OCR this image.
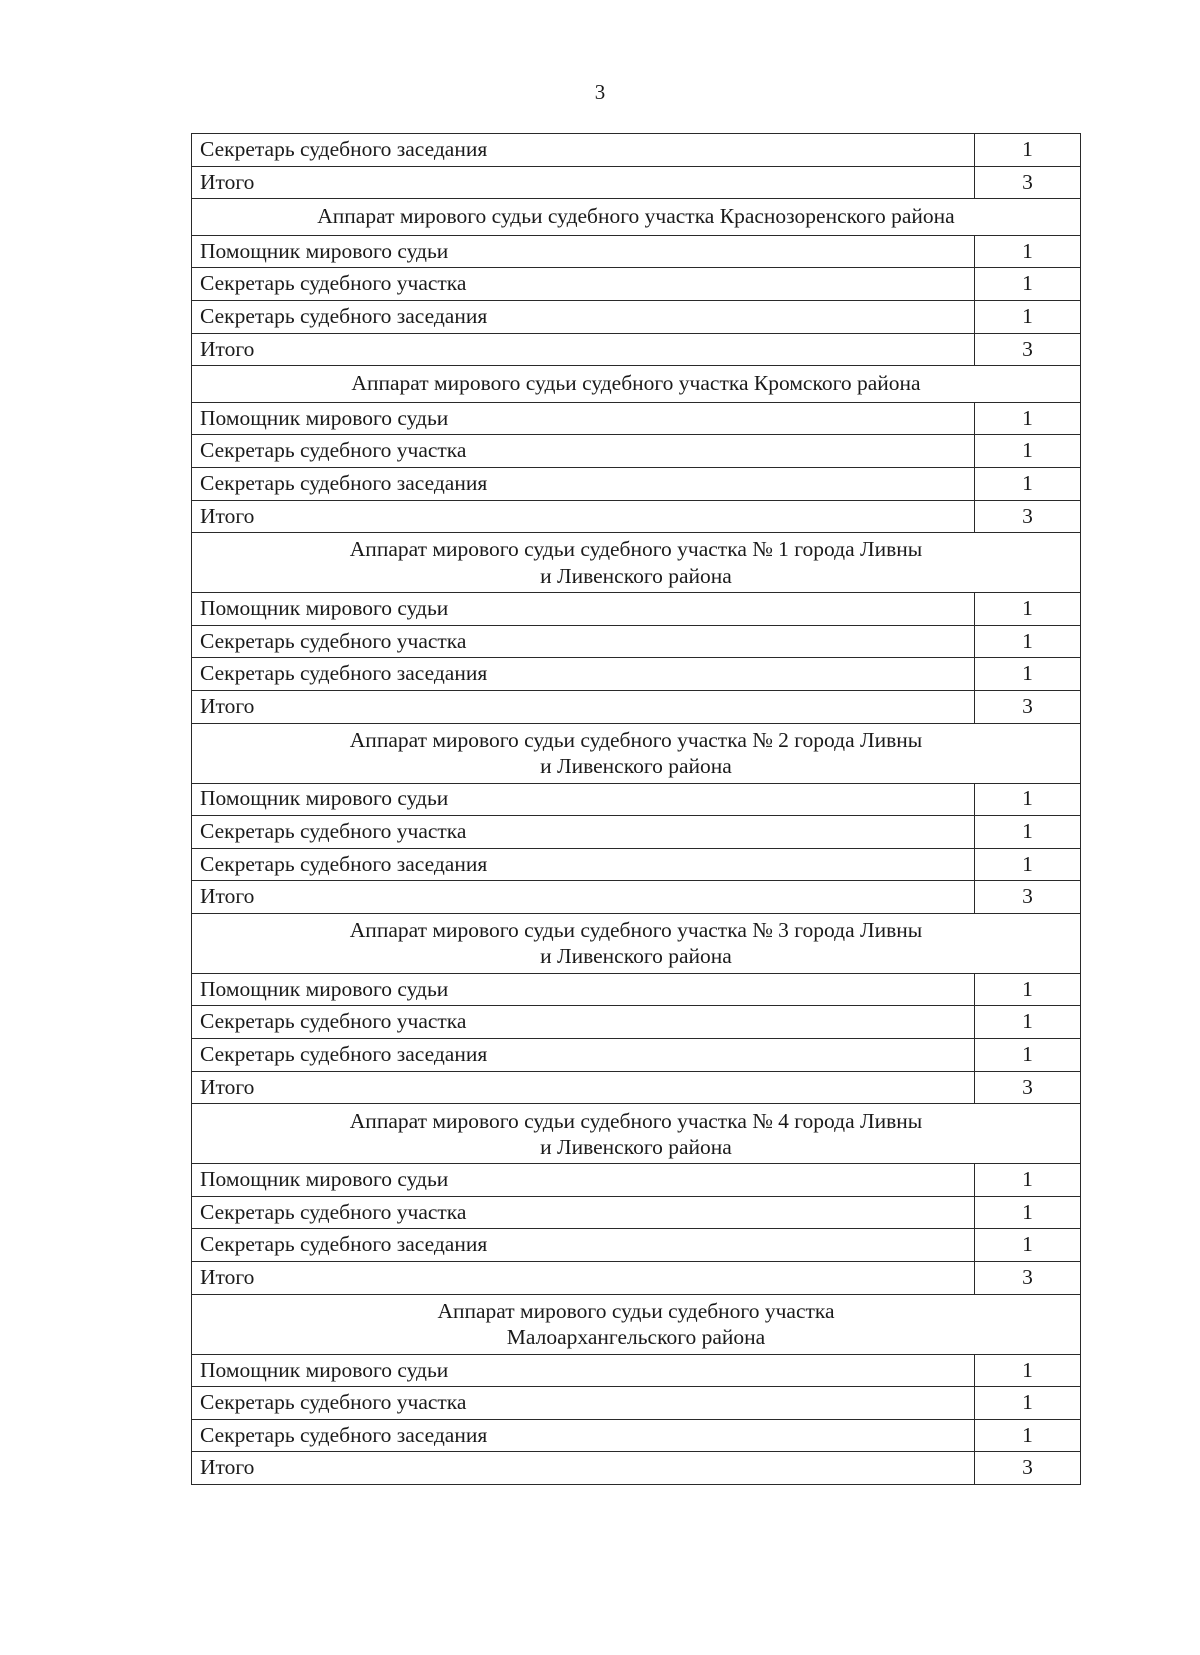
3
Секретарь судебного заседания	1
Итого	3
Аппарат мирового судьи судебного участка Краснозоренского района	
Помощник мирового судьи	1
Секретарь судебного участка	1
Секретарь судебного заседания	1
Итого	3
Аппарат мирового судьи судебного участка Кромского района	
Помощник мирового судьи	1
Секретарь судебного участка	1
Секретарь судебного заседания	1
Итого	3
Аппарат мирового судьи судебного участка № 1 города Ливны
и Ливенского района	
Помощник мирового судьи	1
Секретарь судебного участка	1
Секретарь судебного заседания	1
Итого	3
Аппарат мирового судьи судебного участка № 2 города Ливны
и Ливенского района	
Помощник мирового судьи	1
Секретарь судебного участка	1
Секретарь судебного заседания	1
Итого	3
Аппарат мирового судьи судебного участка № 3 города Ливны
и Ливенского района	
Помощник мирового судьи	1
Секретарь судебного участка	1
Секретарь судебного заседания	1
Итого	3
Аппарат мирового судьи судебного участка № 4 города Ливны
и Ливенского района	
Помощник мирового судьи	1
Секретарь судебного участка	1
Секретарь судебного заседания	1
Итого	3
Аппарат мирового судьи судебного участка
Малоархангельского района	
Помощник мирового судьи	1
Секретарь судебного участка	1
Секретарь судебного заседания	1
Итого	3
